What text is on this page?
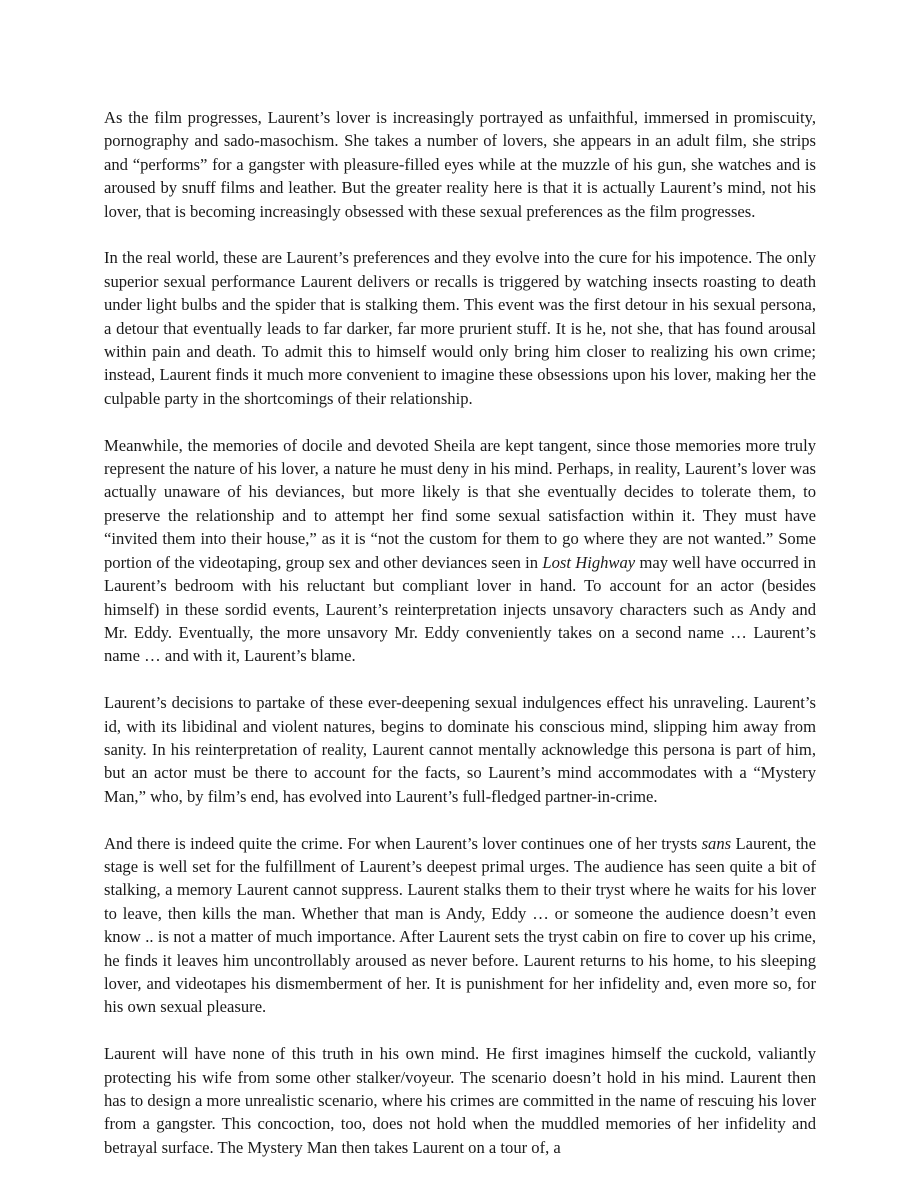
As the film progresses, Laurent’s lover is increasingly portrayed as unfaithful, immersed in promiscuity, pornography and sado-masochism. She takes a number of lovers, she appears in an adult film, she strips and “performs” for a gangster with pleasure-filled eyes while at the muzzle of his gun, she watches and is aroused by snuff films and leather. But the greater reality here is that it is actually Laurent’s mind, not his lover, that is becoming increasingly obsessed with these sexual preferences as the film progresses.

In the real world, these are Laurent’s preferences and they evolve into the cure for his impotence. The only superior sexual performance Laurent delivers or recalls is triggered by watching insects roasting to death under light bulbs and the spider that is stalking them. This event was the first detour in his sexual persona, a detour that eventually leads to far darker, far more prurient stuff. It is he, not she, that has found arousal within pain and death. To admit this to himself would only bring him closer to realizing his own crime; instead, Laurent finds it much more convenient to imagine these obsessions upon his lover, making her the culpable party in the shortcomings of their relationship.

Meanwhile, the memories of docile and devoted Sheila are kept tangent, since those memories more truly represent the nature of his lover, a nature he must deny in his mind. Perhaps, in reality, Laurent’s lover was actually unaware of his deviances, but more likely is that she eventually decides to tolerate them, to preserve the relationship and to attempt her find some sexual satisfaction within it. They must have “invited them into their house,” as it is “not the custom for them to go where they are not wanted.” Some portion of the videotaping, group sex and other deviances seen in Lost Highway may well have occurred in Laurent’s bedroom with his reluctant but compliant lover in hand. To account for an actor (besides himself) in these sordid events, Laurent’s reinterpretation injects unsavory characters such as Andy and Mr. Eddy. Eventually, the more unsavory Mr. Eddy conveniently takes on a second name … Laurent’s name … and with it, Laurent’s blame.

Laurent’s decisions to partake of these ever-deepening sexual indulgences effect his unraveling. Laurent’s id, with its libidinal and violent natures, begins to dominate his conscious mind, slipping him away from sanity. In his reinterpretation of reality, Laurent cannot mentally acknowledge this persona is part of him, but an actor must be there to account for the facts, so Laurent’s mind accommodates with a “Mystery Man,” who, by film’s end, has evolved into Laurent’s full-fledged partner-in-crime.

And there is indeed quite the crime. For when Laurent’s lover continues one of her trysts sans Laurent, the stage is well set for the fulfillment of Laurent’s deepest primal urges. The audience has seen quite a bit of stalking, a memory Laurent cannot suppress. Laurent stalks them to their tryst where he waits for his lover to leave, then kills the man. Whether that man is Andy, Eddy … or someone the audience doesn’t even know .. is not a matter of much importance. After Laurent sets the tryst cabin on fire to cover up his crime, he finds it leaves him uncontrollably aroused as never before. Laurent returns to his home, to his sleeping lover, and videotapes his dismemberment of her. It is punishment for her infidelity and, even more so, for his own sexual pleasure.

Laurent will have none of this truth in his own mind. He first imagines himself the cuckold, valiantly protecting his wife from some other stalker/voyeur. The scenario doesn’t hold in his mind. Laurent then has to design a more unrealistic scenario, where his crimes are committed in the name of rescuing his lover from a gangster. This concoction, too, does not hold when the muddled memories of her infidelity and betrayal surface. The Mystery Man then takes Laurent on a tour of, a
